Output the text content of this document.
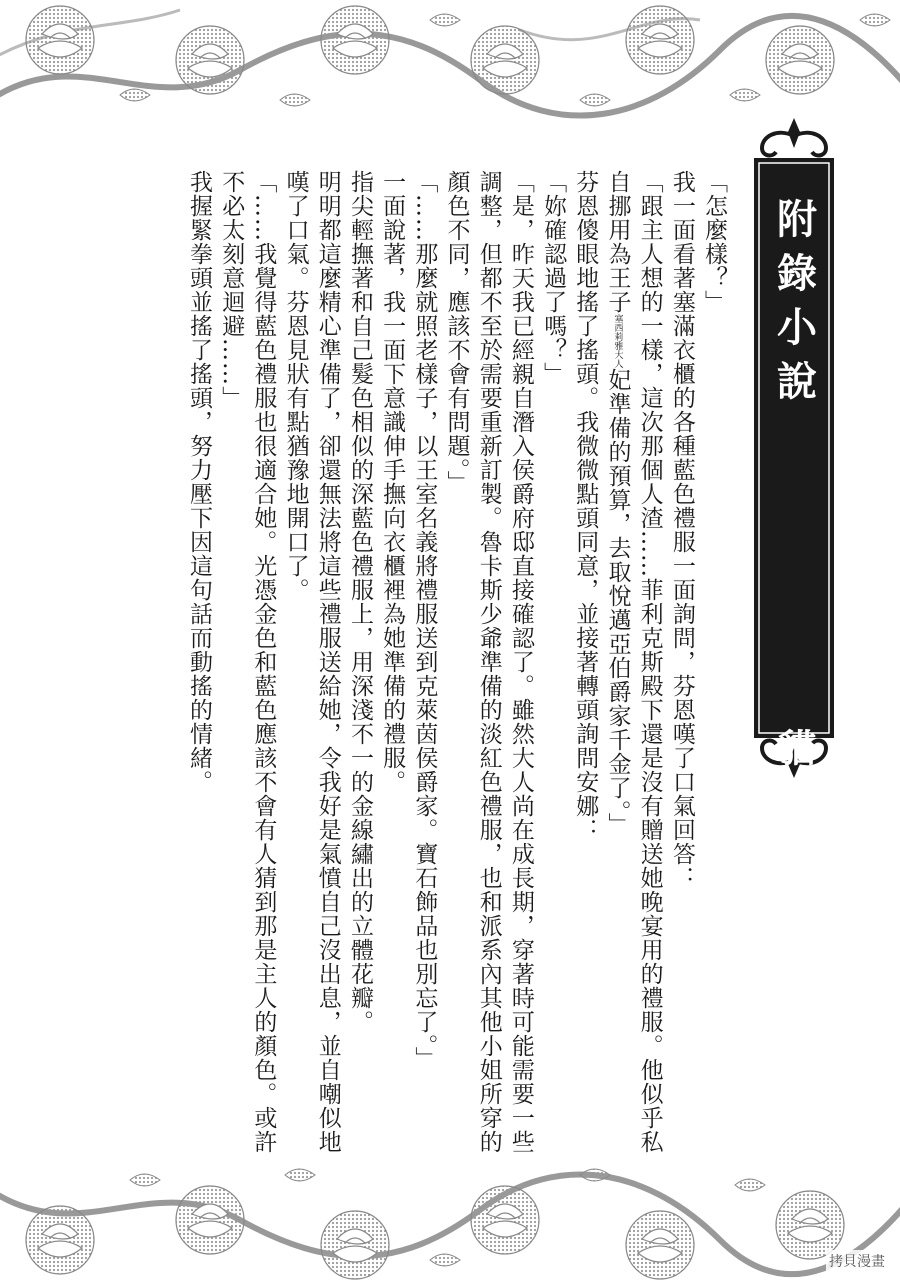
附錄小說
貓田

「怎麼樣？」

我一面看著塞滿衣櫃的各種藍色禮服一面詢問，芬恩嘆了口氣回答：

「跟主人想的一樣，這次那個人渣……菲利克斯殿下還是沒有贈送她晚宴用的禮服。他似乎私自挪用為王子塞西莉雅大人妃準備的預算，去取悅邁亞伯爵家千金了。」

芬恩傻眼地搖了搖頭。我微微點頭同意，並接著轉頭詢問安娜：

「妳確認過了嗎？」

「是，昨天我已經親自潛入侯爵府邸直接確認了。雖然大人尚在成長期，穿著時可能需要一些調整，但都不至於需要重新訂製。魯卡斯少爺準備的淡紅色禮服，也和派系內其他小姐所穿的顏色不同，應該不會有問題。」

「……那麼就照老樣子，以王室名義將禮服送到克萊茵侯爵家。寶石飾品也別忘了。」

一面說著，我一面下意識伸手撫向衣櫃裡為她準備的禮服。

指尖輕撫著和自己髮色相似的深藍色禮服上，用深淺不一的金線繡出的立體花瓣。

明明都這麼精心準備了，卻還無法將這些禮服送給她，令我好是氣憤自己沒出息，並自嘲似地嘆了口氣。芬恩見狀有點猶豫地開口了。

「……我覺得藍色禮服也很適合她。光憑金色和藍色應該不會有人猜到那是主人的顏色。或許不必太刻意迴避……」

我握緊拳頭並搖了搖頭，努力壓下因這句話而動搖的情緒。

拷貝漫畫
